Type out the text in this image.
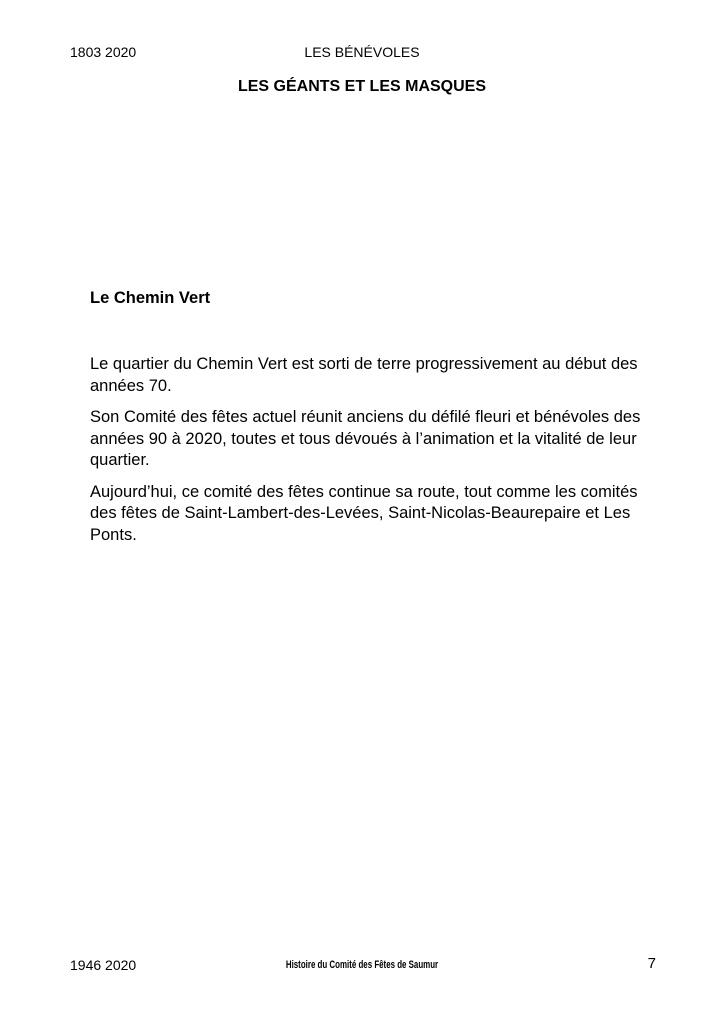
1803 2020	LES BÉNÉVOLES
LES GÉANTS ET LES MASQUES
Le Chemin Vert

Le quartier du Chemin Vert est sorti de terre progressivement au début des années 70.

Son Comité des fêtes actuel réunit anciens du défilé fleuri et bénévoles des années 90 à 2020, toutes et tous dévoués à l’animation et la vitalité de leur quartier.

Aujourd’hui, ce comité des fêtes continue sa route, tout comme les comités des fêtes de Saint-Lambert-des-Levées, Saint-Nicolas-Beaurepaire et Les Ponts.

1946 2020	Histoire du Comité des Fêtes de Saumur	7
